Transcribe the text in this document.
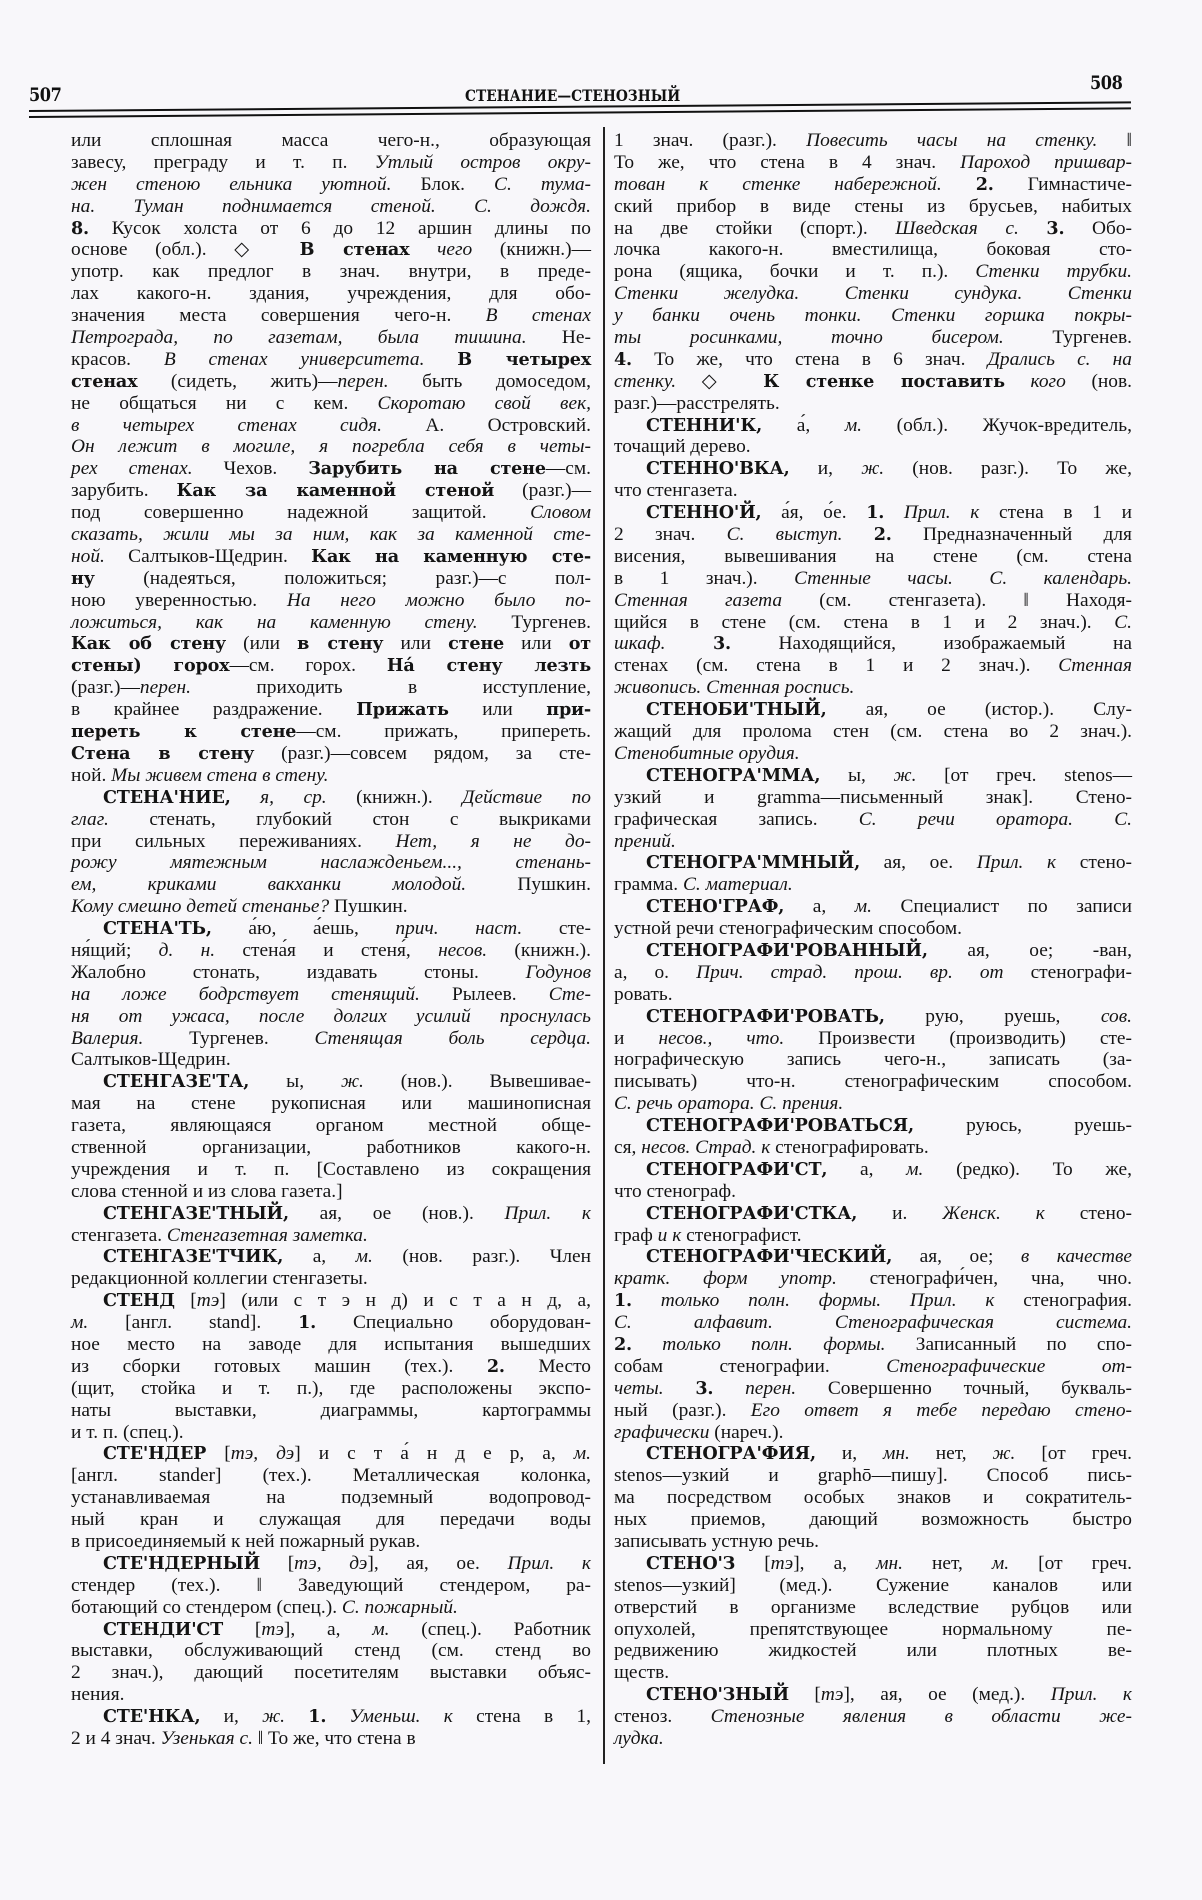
507	СТЕНАНИЕ—СТЕНОЗНЫЙ
508
или сплошная масса чего-н., образующая
завесу, преграду и т. п. Утлый остров окру-
жен стеною ельника уютной. Блок. С. тума-
на. Туман поднимается стеной. С. дождя.
8. Кусок холста от 6 до 12 аршин длины по
основе (обл.). ◇ В стенах чего (книжн.)—
употр. как предлог в знач. внутри, в преде-
лах какого-н. здания, учреждения, для обо-
значения места совершения чего-н. В стенах
Петрограда, по газетам, была тишина. Не-
красов. В стенах университета. В четырех
стенах (сидеть, жить)—перен. быть домоседом,
не общаться ни с кем. Скоротаю свой век,
в четырех стенах сидя. А. Островский.
Он лежит в могиле, я погребла себя в четы-
рех стенах. Чехов. Зарубить на стене—см.
зарубить. Как за каменной стеной (разг.)—
под совершенно надежной защитой. Словом
сказать, жили мы за ним, как за каменной сте-
ной. Салтыков-Щедрин. Как на каменную сте-
ну (надеяться, положиться; разг.)—с пол-
ною уверенностью. На него можно было по-
ложиться, как на каменную стену. Тургенев.
Как об стену (или в стену или стене или от
стены) горох—см. горох. На́ стену лезть
(разг.)—перен. приходить в исступление,
в крайнее раздражение. Прижать или при-
переть к стене—см. прижать, припереть.
Стена в стену (разг.)—совсем рядом, за сте-
ной. Мы живем стена в стену.
СТЕНА'НИЕ, я, ср. (книжн.). Действие по
глаг. стенать, глубокий стон с выкриками
при сильных переживаниях. Нет, я не до-
рожу мятежным наслажденьем..., стенань-
ем, криками вакханки молодой. Пушкин.
Кому смешно детей стенанье? Пушкин.
СТЕНА'ТЬ, а́ю, а́ешь, прич. наст. сте-
ня́щий; д. н. стена́я и стеня́, несов. (книжн.).
Жалобно стонать, издавать стоны. Годунов
на ложе бодрствует стенящий. Рылеев. Сте-
ня от ужаса, после долгих усилий проснулась
Валерия. Тургенев. Стенящая боль сердца.
Салтыков-Щедрин.
СТЕНГАЗЕ'ТА, ы, ж. (нов.). Вывешивае-
мая на стене рукописная или машинописная
газета, являющаяся органом местной обще-
ственной организации, работников какого-н.
учреждения и т. п. [Составлено из сокращения
слова стенной и из слова газета.]
СТЕНГАЗЕ'ТНЫЙ, ая, ое (нов.). Прил. к
стенгазета. Стенгазетная заметка.
СТЕНГАЗЕ'ТЧИК, а, м. (нов. разг.). Член
редакционной коллегии стенгазеты.
СТЕНД [тэ] (или с т э н д) и с т а н д, а,
м. [англ. stand]. 1. Специально оборудован-
ное место на заводе для испытания вышедших
из сборки готовых машин (тех.). 2. Место
(щит, стойка и т. п.), где расположены экспо-
наты выставки, диаграммы, картограммы
и т. п. (спец.).
СТЕ'НДЕР [тэ, дэ] и с т а́ н д е р, а, м.
[англ. stander] (тех.). Металлическая колонка,
устанавливаемая на подземный водопровод-
ный кран и служащая для передачи воды
в присоединяемый к ней пожарный рукав.
СТЕ'НДЕРНЫЙ [тэ, дэ], ая, ое. Прил. к
стендер (тех.). ‖ Заведующий стендером, ра-
ботающий со стендером (спец.). С. пожарный.
СТЕНДИ'СТ [тэ], а, м. (спец.). Работник
выставки, обслуживающий стенд (см. стенд во
2 знач.), дающий посетителям выставки объяс-
нения.
СТЕ'НКА, и, ж. 1. Уменьш. к стена в 1,
2 и 4 знач. Узенькая с. ‖ То же, что стена в
1 знач. (разг.). Повесить часы на стенку. ‖
То же, что стена в 4 знач. Пароход пришвар-
тован к стенке набережной. 2. Гимнастиче-
ский прибор в виде стены из брусьев, набитых
на две стойки (спорт.). Шведская с. 3. Обо-
лочка какого-н. вместилища, боковая сто-
рона (ящика, бочки и т. п.). Стенки трубки.
Стенки желудка. Стенки сундука. Стенки
у банки очень тонки. Стенки горшка покры-
ты росинками, точно бисером. Тургенев.
4. То же, что стена в 6 знач. Дрались с. на
стенку. ◇ К стенке поставить кого (нов.
разг.)—расстрелять.
СТЕННИ'К, а́, м. (обл.). Жучок-вредитель,
точащий дерево.
СТЕННО'ВКА, и, ж. (нов. разг.). То же,
что стенгазета.
СТЕННО'Й, а́я, о́е. 1. Прил. к стена в 1 и
2 знач. С. выступ. 2. Предназначенный для
висения, вывешивания на стене (см. стена
в 1 знач.). Стенные часы. С. календарь.
Стенная газета (см. стенгазета). ‖ Находя-
щийся в стене (см. стена в 1 и 2 знач.). С.
шкаф.	3. Находящийся, изображаемый на
стенах (см. стена в 1 и 2 знач.). Стенная
живопись. Стенная роспись.
СТЕНОБИ'ТНЫЙ, ая, ое (истор.). Слу-
жащий для пролома стен (см. стена во 2 знач.).
Стенобитные орудия.
СТЕНОГРА'ММА, ы, ж. [от греч. stenos—
узкий и gramma—письменный знак]. Стено-
графическая запись. С. речи оратора. С.
прений.
СТЕНОГРА'ММНЫЙ, ая, ое. Прил. к стено-
грамма. С. материал.
СТЕНО'ГРАФ, а, м. Специалист по записи
устной речи стенографическим способом.
СТЕНОГРАФИ'РОВАННЫЙ, ая, ое; -ван,
а, о. Прич. страд. прош. вр. от стенографи-
ровать.
СТЕНОГРАФИ'РОВАТЬ, рую, руешь, сов.
и несов., что. Произвести (производить) сте-
нографическую запись чего-н., записать (за-
писывать) что-н. стенографическим способом.
С. речь оратора. С. прения.
СТЕНОГРАФИ'РОВАТЬСЯ, руюсь, руешь-
ся, несов. Страд. к стенографировать.
СТЕНОГРАФИ'СТ, а, м. (редко). То же,
что стенограф.
СТЕНОГРАФИ'СТКА, и. Женск. к стено-
граф и к стенографист.
СТЕНОГРАФИ'ЧЕСКИЙ, ая, ое; в качестве
кратк. форм употр. стенографи́чен, чна, чно.
1. только полн. формы. Прил. к стенография.
С. алфавит. Стенографическая система.
2. только полн. формы. Записанный по спо-
собам стенографии. Стенографические от-
четы. 3. перен. Совершенно точный, букваль-
ный (разг.). Его ответ я тебе передаю стено-
графически (нареч.).
СТЕНОГРА'ФИЯ, и, мн. нет, ж. [от греч.
stenos—узкий и graphō—пишу]. Способ пись-
ма посредством особых знаков и сократитель-
ных приемов, дающий возможность быстро
записывать устную речь.
СТЕНО'З [тэ], а, мн. нет, м. [от греч.
stenos—узкий] (мед.). Сужение каналов или
отверстий в организме вследствие рубцов или
опухолей, препятствующее нормальному пе-
редвижению жидкостей или плотных ве-
ществ.
СТЕНО'ЗНЫЙ [тэ], ая, ое (мед.). Прил. к
стеноз. Стенозные явления в области же-
лудка.
